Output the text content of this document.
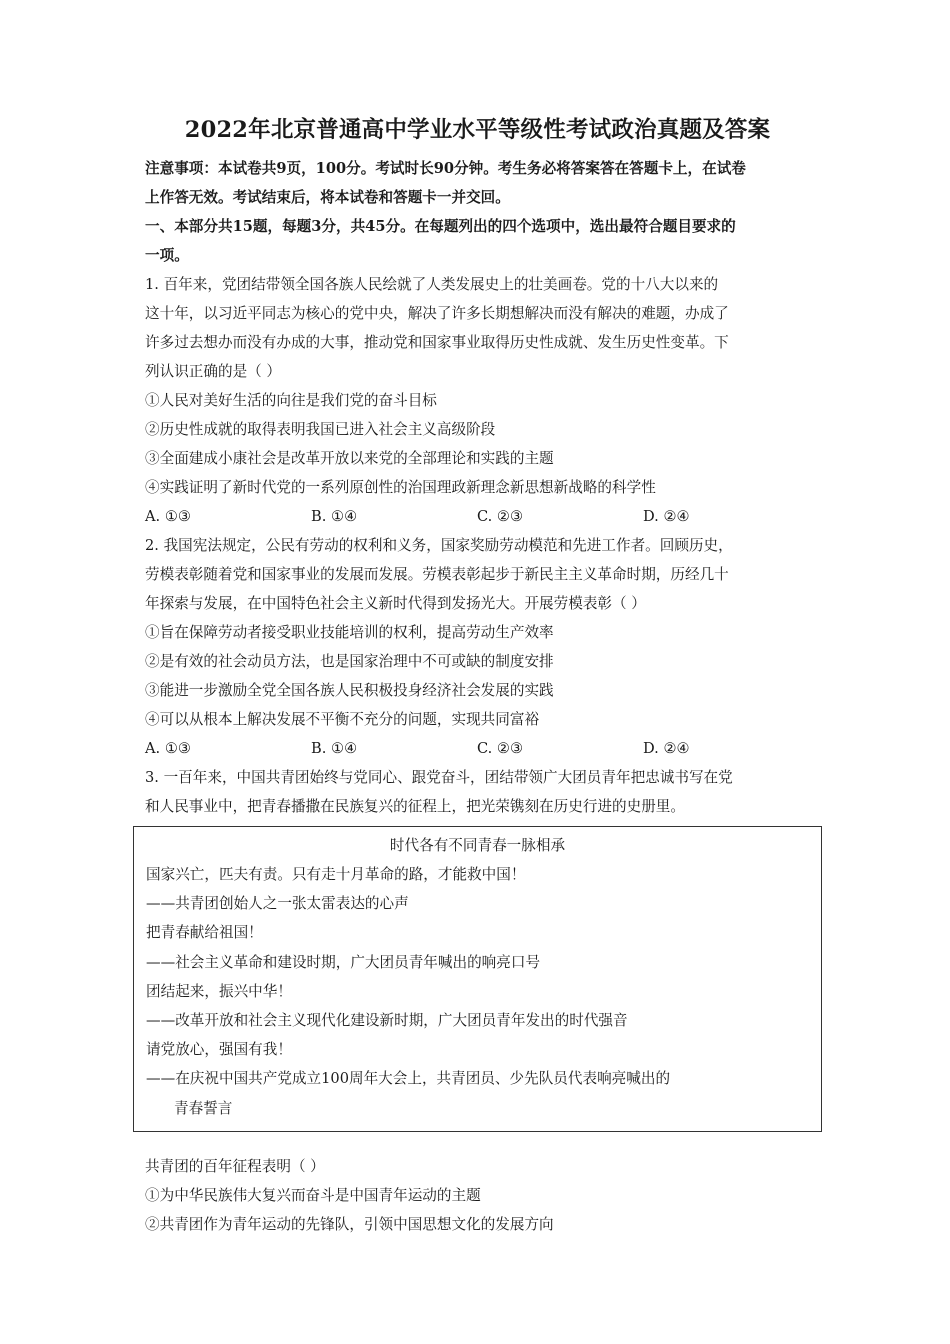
2022年北京普通高中学业水平等级性考试政治真题及答案
注意事项：本试卷共9页，100分。考试时长90分钟。考生务必将答案答在答题卡上，在试卷
上作答无效。考试结束后，将本试卷和答题卡一并交回。
一、本部分共15题，每题3分，共45分。在每题列出的四个选项中，选出最符合题目要求的
一项。
1. 百年来，党团结带领全国各族人民绘就了人类发展史上的壮美画卷。党的十八大以来的
这十年，以习近平同志为核心的党中央，解决了许多长期想解决而没有解决的难题，办成了
许多过去想办而没有办成的大事，推动党和国家事业取得历史性成就、发生历史性变革。下
列认识正确的是（ ）
①人民对美好生活的向往是我们党的奋斗目标
②历史性成就的取得表明我国已进入社会主义高级阶段
③全面建成小康社会是改革开放以来党的全部理论和实践的主题
④实践证明了新时代党的一系列原创性的治国理政新理念新思想新战略的科学性
A. ①③	B. ①④	C. ②③	D. ②④
2. 我国宪法规定，公民有劳动的权利和义务，国家奖励劳动模范和先进工作者。回顾历史，
劳模表彰随着党和国家事业的发展而发展。劳模表彰起步于新民主主义革命时期，历经几十
年探索与发展，在中国特色社会主义新时代得到发扬光大。开展劳模表彰（ ）
①旨在保障劳动者接受职业技能培训的权利，提高劳动生产效率
②是有效的社会动员方法，也是国家治理中不可或缺的制度安排
③能进一步激励全党全国各族人民积极投身经济社会发展的实践
④可以从根本上解决发展不平衡不充分的问题，实现共同富裕
A. ①③	B. ①④	C. ②③	D. ②④
3. 一百年来，中国共青团始终与党同心、跟党奋斗，团结带领广大团员青年把忠诚书写在党
和人民事业中，把青春播撒在民族复兴的征程上，把光荣镌刻在历史行进的史册里。
时代各有不同青春一脉相承
国家兴亡，匹夫有责。只有走十月革命的路，才能救中国！
——共青团创始人之一张太雷表达的心声
把青春献给祖国！
——社会主义革命和建设时期，广大团员青年喊出的响亮口号
团结起来，振兴中华！
——改革开放和社会主义现代化建设新时期，广大团员青年发出的时代强音
请党放心，强国有我！
——在庆祝中国共产党成立100周年大会上，共青团员、少先队员代表响亮喊出的
青春誓言
共青团的百年征程表明（ ）
①为中华民族伟大复兴而奋斗是中国青年运动的主题
②共青团作为青年运动的先锋队，引领中国思想文化的发展方向
